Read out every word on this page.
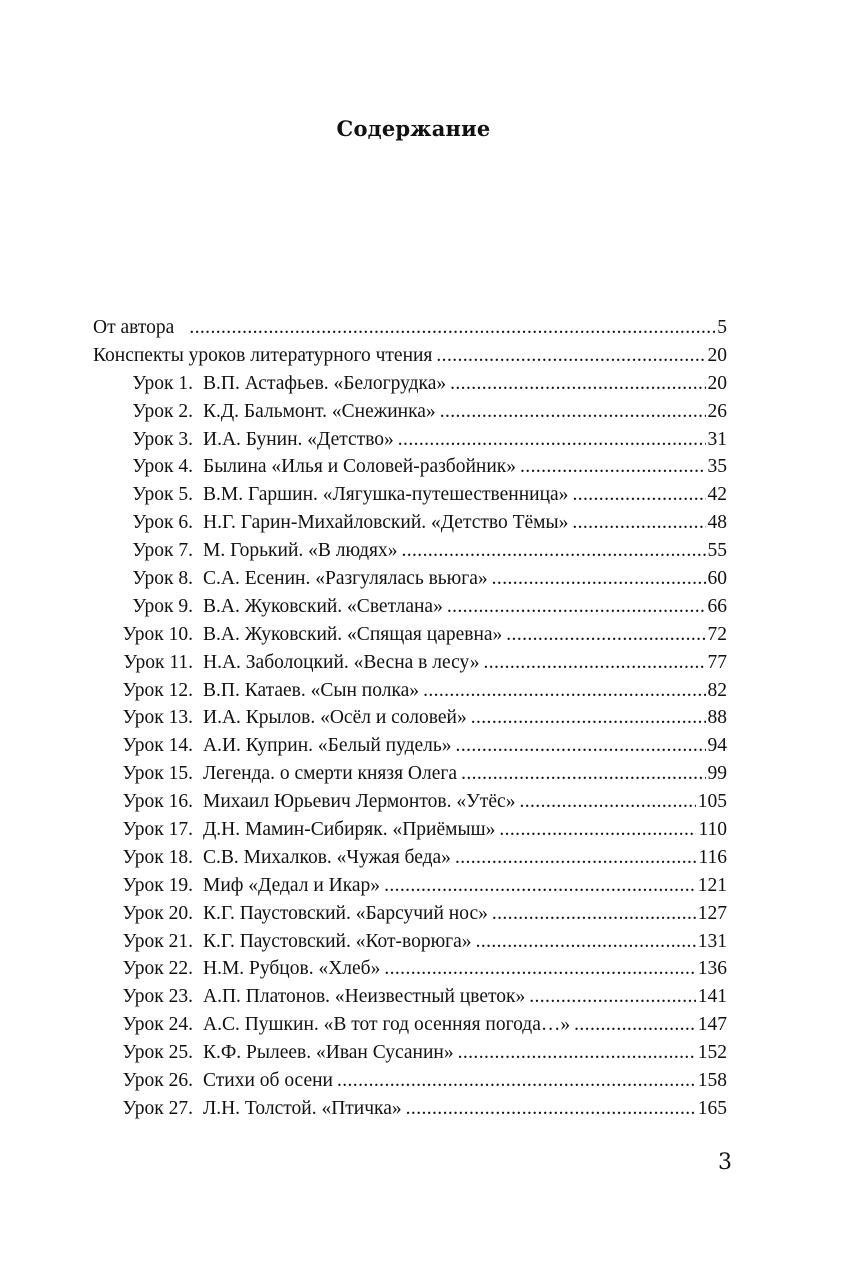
Содержание
От автора .....	5
Конспекты уроков литературного чтения .....	20
Урок 1. В.П. Астафьев. «Белогрудка» .....	20
Урок 2. К.Д. Бальмонт. «Снежинка» .....	26
Урок 3. И.А. Бунин. «Детство» .....	31
Урок 4. Былина «Илья и Соловей-разбойник» .....	35
Урок 5. В.М. Гаршин. «Лягушка-путешественница» .....	42
Урок 6. Н.Г. Гарин-Михайловский. «Детство Тёмы» .....	48
Урок 7. М. Горький. «В людях» .....	55
Урок 8. С.А. Есенин. «Разгулялась вьюга» .....	60
Урок 9. В.А. Жуковский. «Светлана» .....	66
Урок 10. В.А. Жуковский. «Спящая царевна» .....	72
Урок 11. Н.А. Заболоцкий. «Весна в лесу» .....	77
Урок 12. В.П. Катаев. «Сын полка» .....	82
Урок 13. И.А. Крылов. «Осёл и соловей» .....	88
Урок 14. А.И. Куприн. «Белый пудель» .....	94
Урок 15. Легенда. о смерти князя Олега .....	99
Урок 16. Михаил Юрьевич Лермонтов. «Утёс» .....	105
Урок 17. Д.Н. Мамин-Сибиряк. «Приёмыш» .....	110
Урок 18. С.В. Михалков. «Чужая беда» .....	116
Урок 19. Миф «Дедал и Икар» .....	121
Урок 20. К.Г. Паустовский. «Барсучий нос» .....	127
Урок 21. К.Г. Паустовский. «Кот-ворюга» .....	131
Урок 22. Н.М. Рубцов. «Хлеб» .....	136
Урок 23. А.П. Платонов. «Неизвестный цветок» .....	141
Урок 24. А.С. Пушкин. «В тот год осенняя погода…» .....	147
Урок 25. К.Ф. Рылеев. «Иван Сусанин» .....	152
Урок 26. Стихи об осени .....	158
Урок 27. Л.Н. Толстой. «Птичка» .....	165
3
